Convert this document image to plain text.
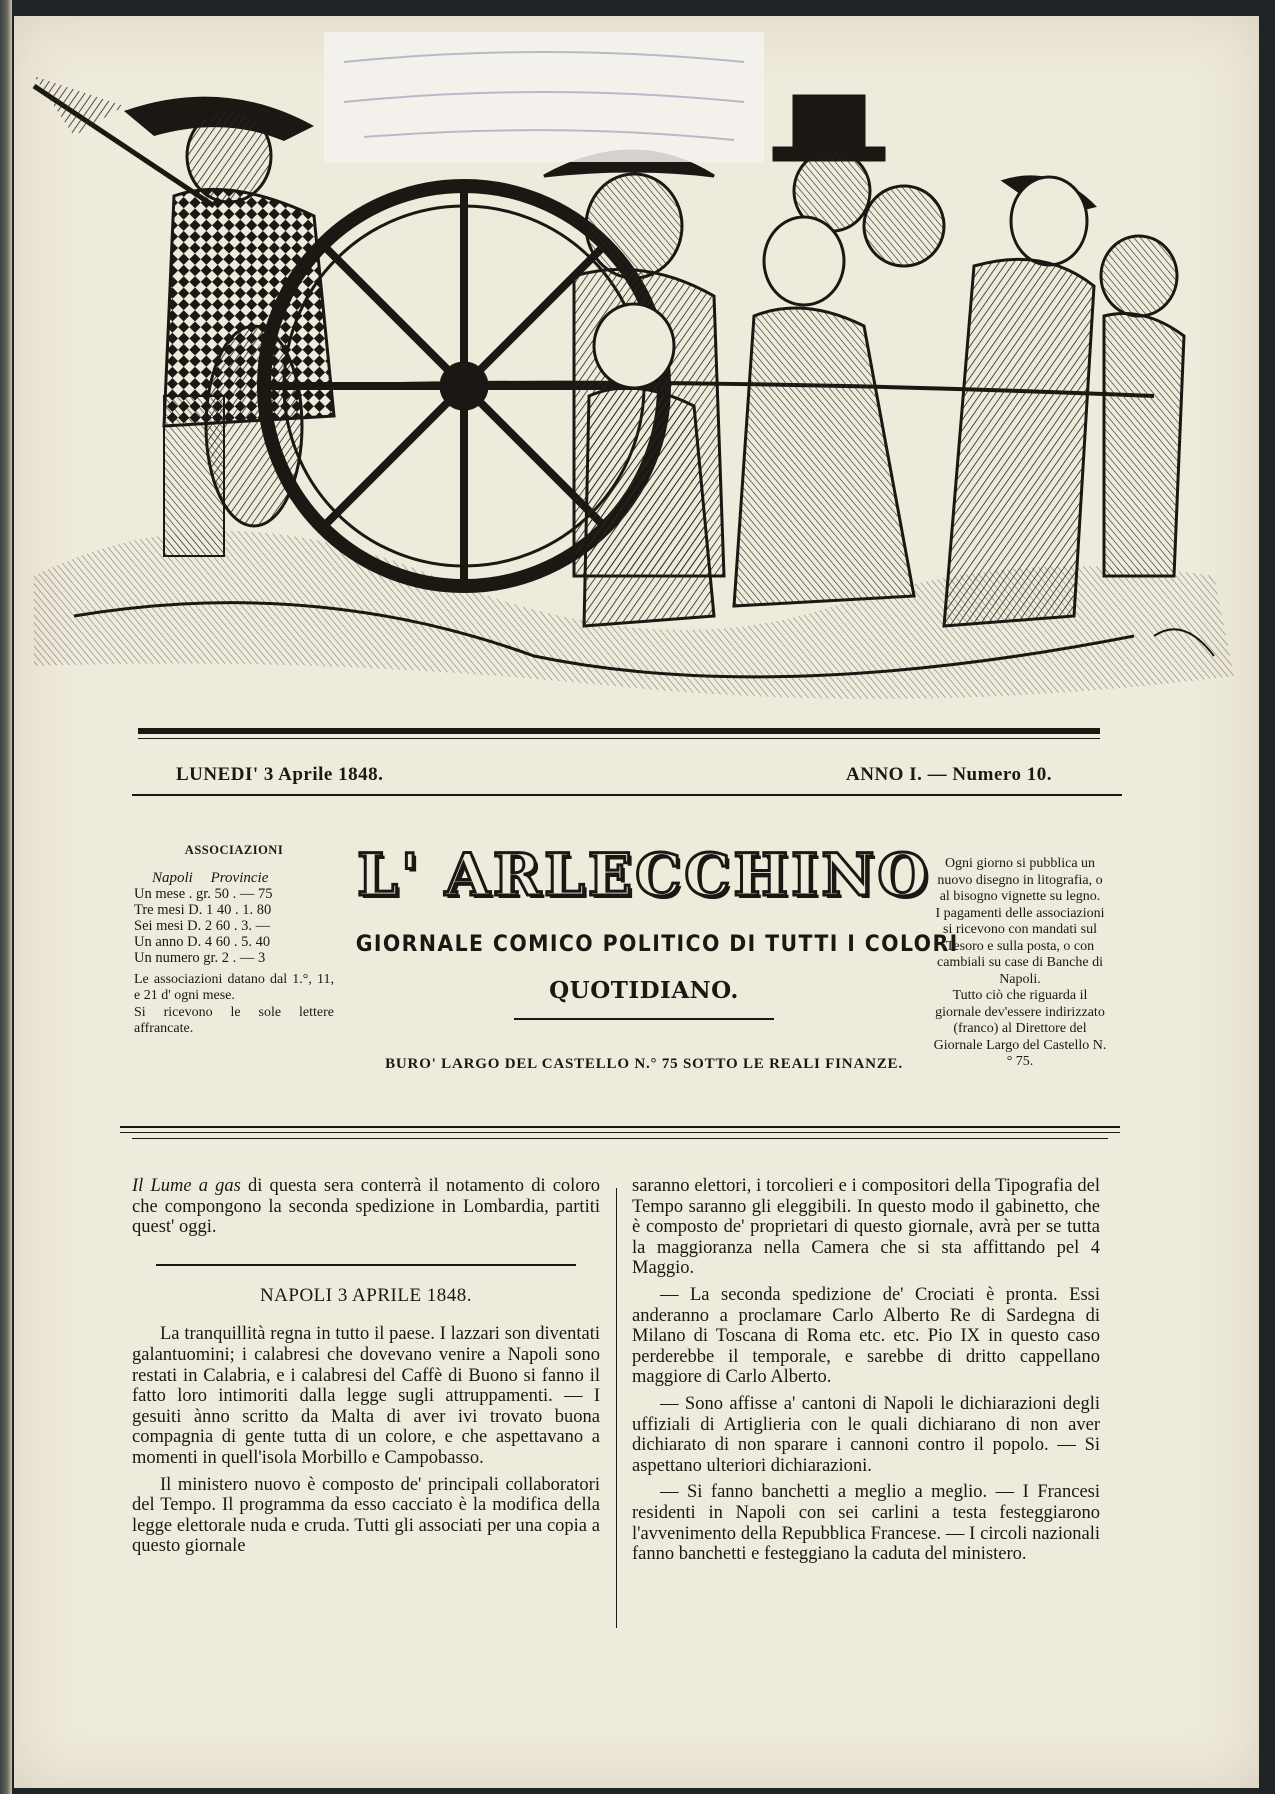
LUNEDI' 3 Aprile 1848.	ANNO I. — Numero 10.
ASSOCIAZIONI
Napoli Provincie
Un mese . gr. 50 . — 75
Tre mesi D. 1 40 . 1. 80
Sei mesi D. 2 60 . 3. —
Un anno D. 4 60 . 5. 40
Un numero gr. 2 . — 3
Le associazioni datano dal 1.°, 11, e 21 d' ogni mese.
Si ricevono le sole lettere affrancate.
L' ARLECCHINO
GIORNALE COMICO POLITICO DI TUTTI I COLORI
QUOTIDIANO.
BURO' LARGO DEL CASTELLO N.° 75 SOTTO LE REALI FINANZE.

Ogni giorno si pubblica un nuovo disegno in litografia, o al bisogno vignette su legno.

I pagamenti delle associazioni si ricevono con mandati sul Tesoro e sulla posta, o con cambiali su case di Banche di Napoli.

Tutto ciò che riguarda il giornale dev'essere indirizzato (franco) al Direttore del Giornale Largo del Castello N.° 75.

Il Lume a gas di questa sera conterrà il notamento di coloro che compongono la seconda spedizione in Lombardia, partiti quest' oggi.

NAPOLI 3 APRILE 1848.

La tranquillità regna in tutto il paese. I lazzari son diventati galantuomini; i calabresi che dovevano venire a Napoli sono restati in Calabria, e i calabresi del Caffè di Buono si fanno il fatto loro intimoriti dalla legge sugli attruppamenti. — I gesuiti ànno scritto da Malta di aver ivi trovato buona compagnia di gente tutta di un colore, e che aspettavano a momenti in quell'isola Morbillo e Campobasso.

Il ministero nuovo è composto de' principali collaboratori del Tempo. Il programma da esso cacciato è la modifica della legge elettorale nuda e cruda. Tutti gli associati per una copia a questo giornale

saranno elettori, i torcolieri e i compositori della Tipografia del Tempo saranno gli eleggibili. In questo modo il gabinetto, che è composto de' proprietari di questo giornale, avrà per se tutta la maggioranza nella Camera che si sta affittando pel 4 Maggio.

— La seconda spedizione de' Crociati è pronta. Essi anderanno a proclamare Carlo Alberto Re di Sardegna di Milano di Toscana di Roma etc. etc. Pio IX in questo caso perderebbe il temporale, e sarebbe di dritto cappellano maggiore di Carlo Alberto.

— Sono affisse a' cantoni di Napoli le dichiarazioni degli uffiziali di Artiglieria con le quali dichiarano di non aver dichiarato di non sparare i cannoni contro il popolo. — Si aspettano ulteriori dichiarazioni.

— Si fanno banchetti a meglio a meglio. — I Francesi residenti in Napoli con sei carlini a testa festeggiarono l'avvenimento della Repubblica Francese. — I circoli nazionali fanno banchetti e festeggiano la caduta del ministero.
